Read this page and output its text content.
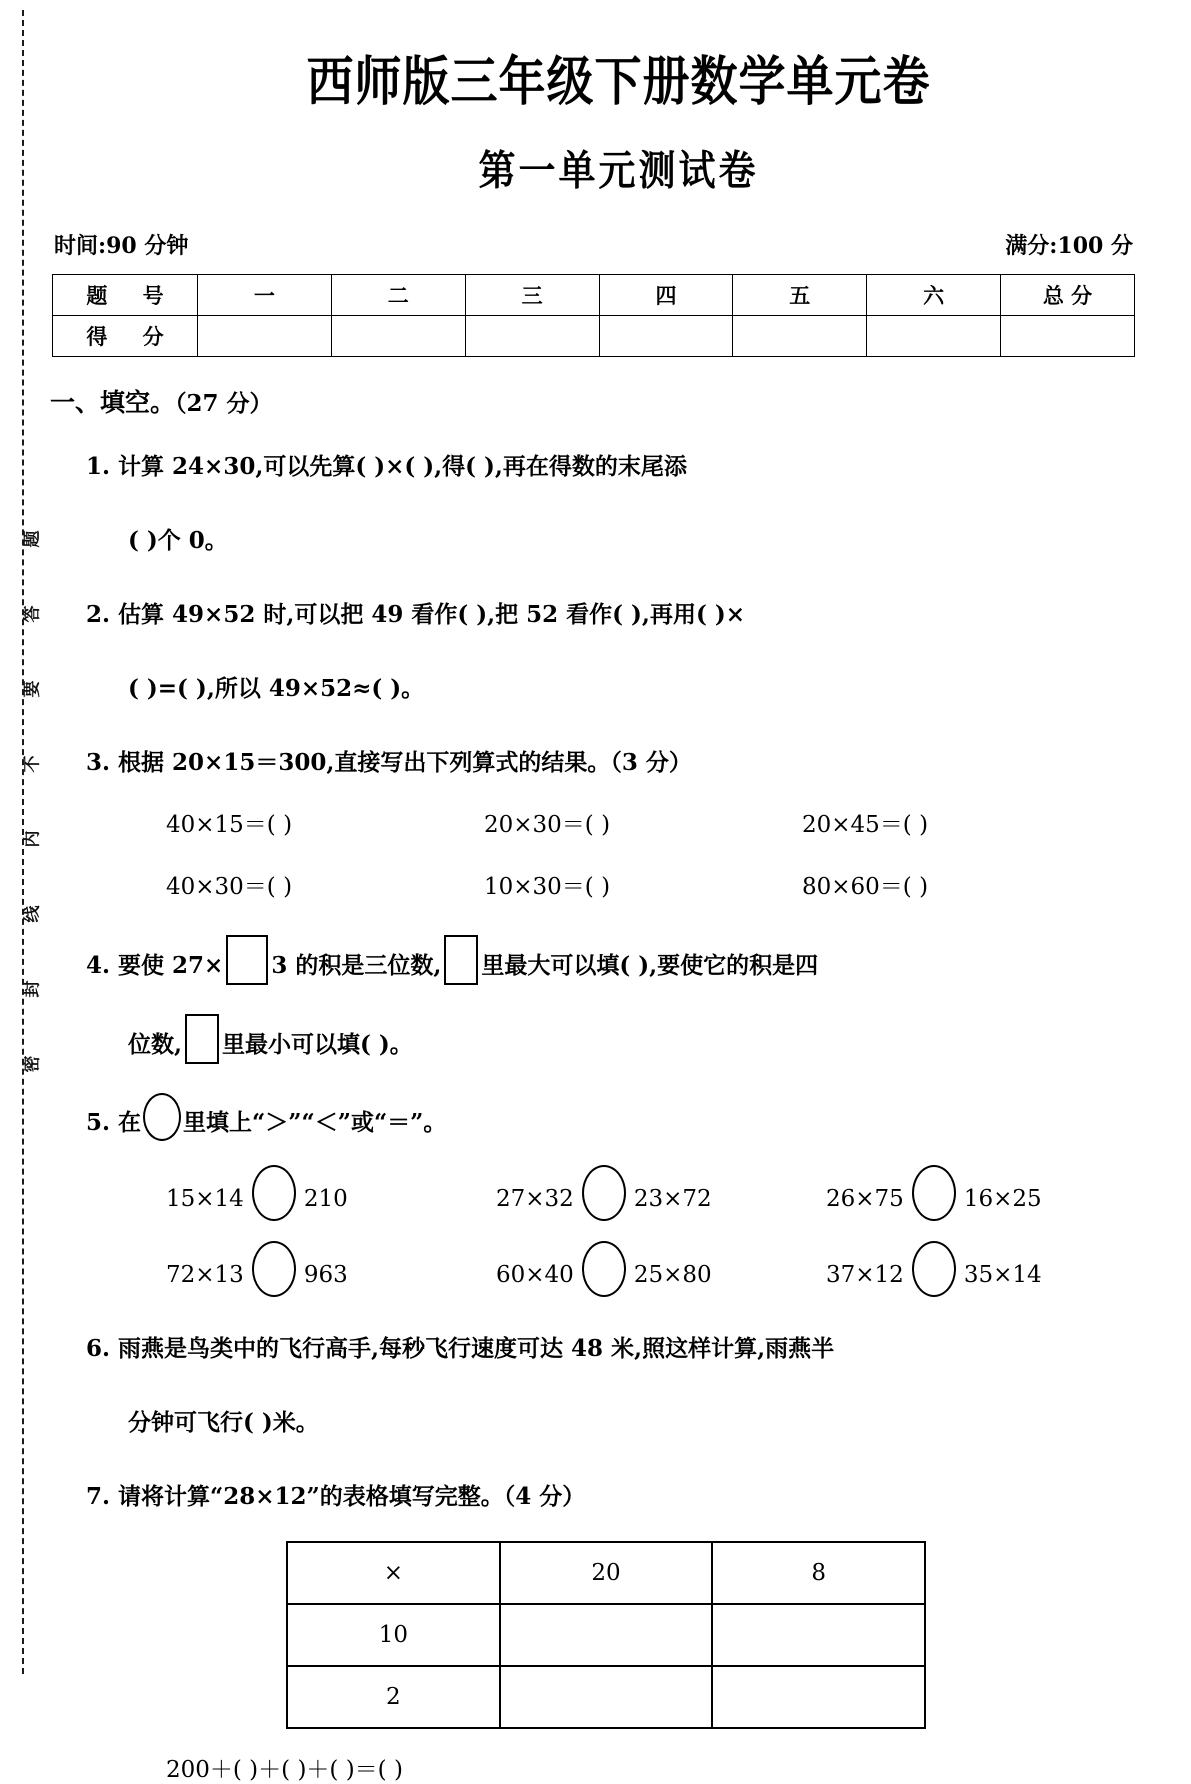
密封线内不要答题
西师版三年级下册数学单元卷
第一单元测试卷
时间:90 分钟	满分:100 分
题 号	一	二	三	四	五	六	总 分
得 分							
一、填空。（27 分）
1. 计算 24×30,可以先算( )×( ),得( ),再在得数的末尾添
( )个 0。
2. 估算 49×52 时,可以把 49 看作( ),把 52 看作( ),再用( )×
( )=( ),所以 49×52≈( )。
3. 根据 20×15＝300,直接写出下列算式的结果。（3 分）
40×15＝( )	20×30＝( )	20×45＝( )
40×30＝( )	10×30＝( )	80×60＝( )
4. 要使 27× 3 的积是三位数, 里最大可以填( ),要使它的积是四
位数, 里最小可以填( )。
5. 在 里填上“＞”“＜”或“＝”。
15×14	210	27×32	23×72	26×75	16×25
72×13	963	60×40	25×80	37×12	35×14
6. 雨燕是鸟类中的飞行高手,每秒飞行速度可达 48 米,照这样计算,雨燕半
分钟可飞行( )米。
7. 请将计算“28×12”的表格填写完整。（4 分）
×	20	8
10		
2		
200＋( )＋( )＋( )＝( )
